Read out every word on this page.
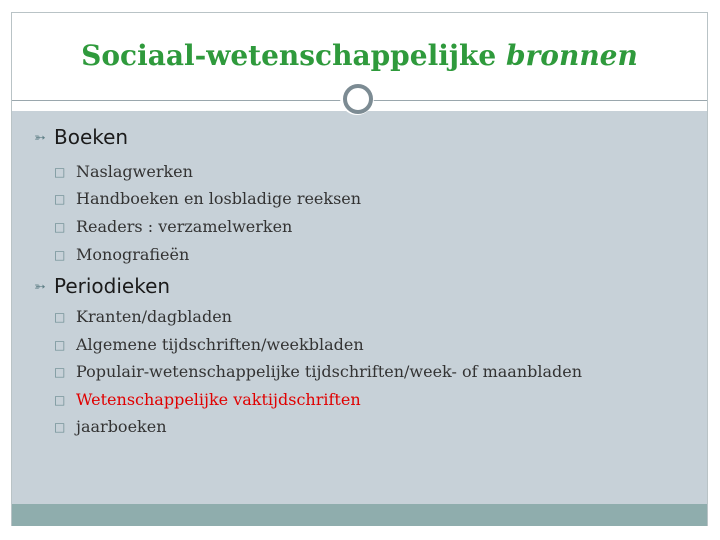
Sociaal-wetenschappelijke bronnen
➳ Boeken
□ Naslagwerken
□ Handboeken en losbladige reeksen
□ Readers : verzamelwerken
□ Monografieën
➳ Periodieken
□ Kranten/dagbladen
□ Algemene tijdschriften/weekbladen
□ Populair-wetenschappelijke tijdschriften/week- of maanbladen
□ Wetenschappelijke vaktijdschriften
□ jaarboeken
